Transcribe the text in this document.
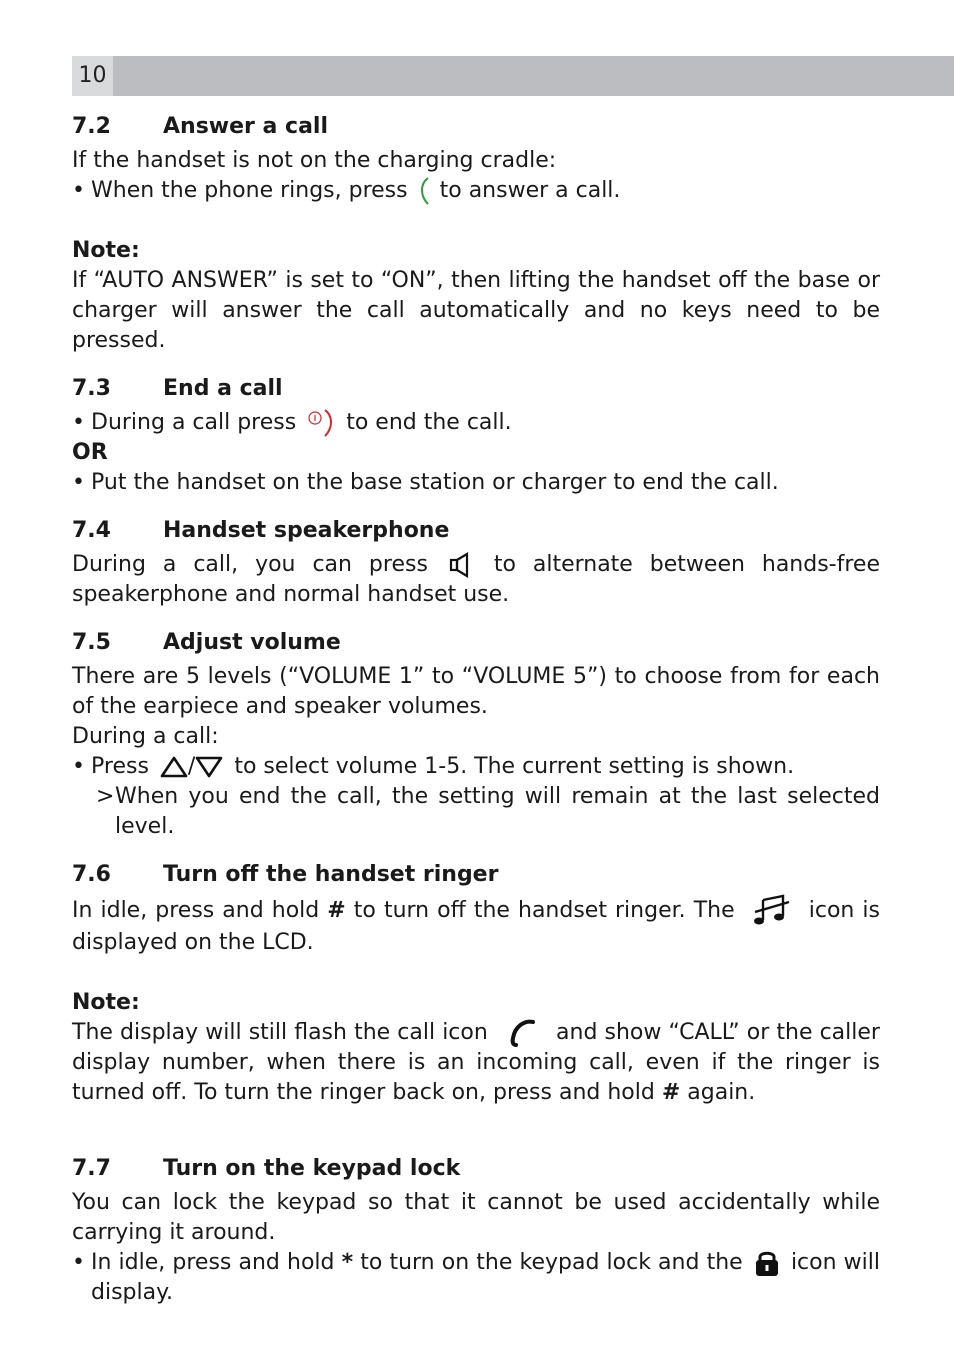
10
7.2	Answer a call

If the handset is not on the charging cradle:

• When the phone rings, press to answer a call.
Note:

If “AUTO ANSWER” is set to “ON”, then lifting the handset off the base or charger will answer the call automatically and no keys need to be pressed.

7.3	End a call
• During a call press to end the call.
OR
• Put the handset on the base station or charger to end the call.
7.4	Handset speakerphone

During a call, you can press	to alternate between hands-free speakerphone and normal handset use.

7.5	Adjust volume

There are 5 levels (“VOLUME 1” to “VOLUME 5”) to choose from for each of the earpiece and speaker volumes.

During a call:

• Press / to select volume 1-5. The current setting is shown.
> When you end the call, the setting will remain at the last selected level.
7.6	Turn off the handset ringer

In idle, press and hold # to turn off the handset ringer. The	icon is displayed on the LCD.

Note:

The display will still flash the call icon	and show “CALL” or the caller display number, when there is an incoming call, even if the ringer is turned off. To turn the ringer back on, press and hold # again.

7.7	Turn on the keypad lock

You can lock the keypad so that it cannot be used accidentally while carrying it around.

• In idle, press and hold * to turn on the keypad lock and the icon will display.
